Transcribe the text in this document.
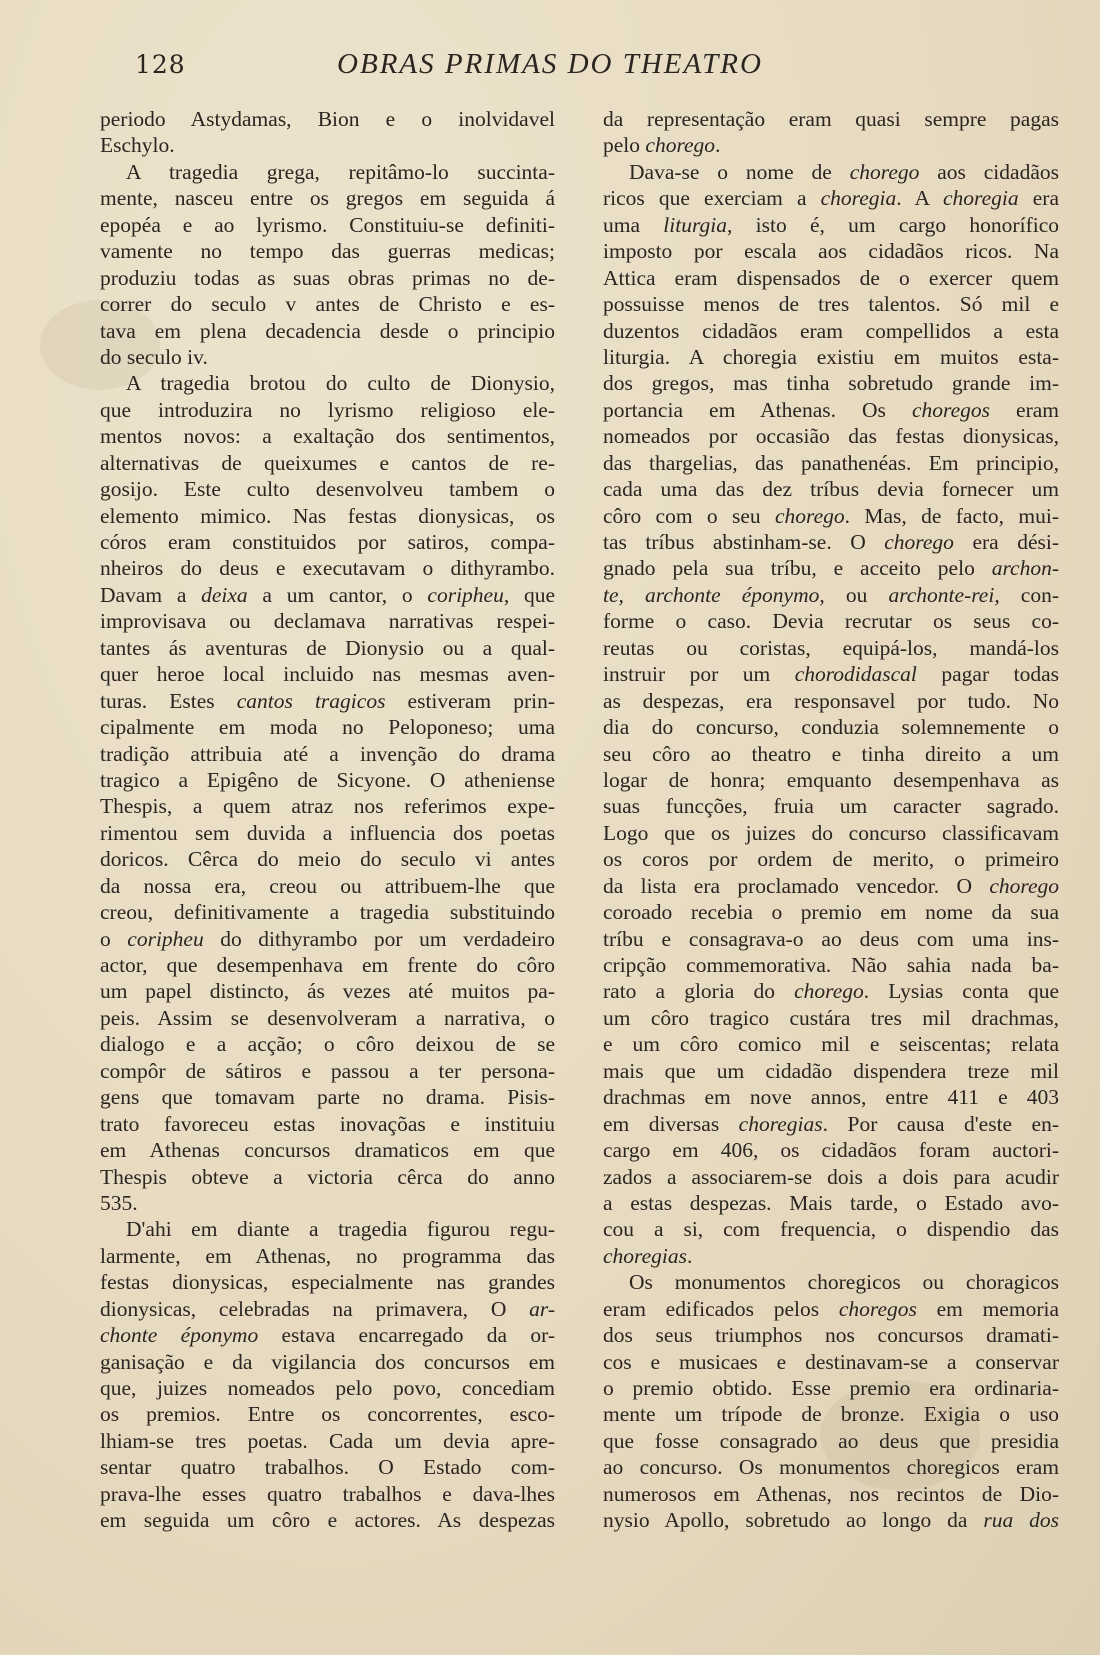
128	OBRAS PRIMAS DO THEATRO
periodo Astydamas, Bion e o inolvidavel
Eschylo.
A tragedia grega, repitâmo-lo succinta-
mente, nasceu entre os gregos em seguida á
epopéa e ao lyrismo. Constituiu-se definiti-
vamente no tempo das guerras medicas;
produziu todas as suas obras primas no de-
correr do seculo v antes de Christo e es-
tava em plena decadencia desde o principio
do seculo iv.
A tragedia brotou do culto de Dionysio,
que introduzira no lyrismo religioso ele-
mentos novos: a exaltação dos sentimentos,
alternativas de queixumes e cantos de re-
gosijo. Este culto desenvolveu tambem o
elemento mimico. Nas festas dionysicas, os
córos eram constituidos por satiros, compa-
nheiros do deus e executavam o dithyrambo.
Davam a deixa a um cantor, o coripheu, que
improvisava ou declamava narrativas respei-
tantes ás aventuras de Dionysio ou a qual-
quer heroe local incluido nas mesmas aven-
turas. Estes cantos tragicos estiveram prin-
cipalmente em moda no Peloponeso; uma
tradição attribuia até a invenção do drama
tragico a Epigêno de Sicyone. O atheniense
Thespis, a quem atraz nos referimos expe-
rimentou sem duvida a influencia dos poetas
doricos. Cêrca do meio do seculo vi antes
da nossa era, creou ou attribuem-lhe que
creou, definitivamente a tragedia substituindo
o coripheu do dithyrambo por um verdadeiro
actor, que desempenhava em frente do côro
um papel distincto, ás vezes até muitos pa-
peis. Assim se desenvolveram a narrativa, o
dialogo e a acção; o côro deixou de se
compôr de sátiros e passou a ter persona-
gens que tomavam parte no drama. Pisis-
trato favoreceu estas inovaçõas e instituiu
em Athenas concursos dramaticos em que
Thespis obteve a victoria cêrca do anno
535.
D'ahi em diante a tragedia figurou regu-
larmente, em Athenas, no programma das
festas dionysicas, especialmente nas grandes
dionysicas, celebradas na primavera, O ar-
chonte éponymo estava encarregado da or-
ganisação e da vigilancia dos concursos em
que, juizes nomeados pelo povo, concediam
os premios. Entre os concorrentes, esco-
lhiam-se tres poetas. Cada um devia apre-
sentar quatro trabalhos. O Estado com-
prava-lhe esses quatro trabalhos e dava-lhes
em seguida um côro e actores. As despezas
da representação eram quasi sempre pagas
pelo chorego.
Dava-se o nome de chorego aos cidadãos
ricos que exerciam a choregia. A choregia era
uma liturgia, isto é, um cargo honorífico
imposto por escala aos cidadãos ricos. Na
Attica eram dispensados de o exercer quem
possuisse menos de tres talentos. Só mil e
duzentos cidadãos eram compellidos a esta
liturgia. A choregia existiu em muitos esta-
dos gregos, mas tinha sobretudo grande im-
portancia em Athenas. Os choregos eram
nomeados por occasião das festas dionysicas,
das thargelias, das panathenéas. Em principio,
cada uma das dez tríbus devia fornecer um
côro com o seu chorego. Mas, de facto, mui-
tas tríbus abstinham-se. O chorego era dési-
gnado pela sua tríbu, e acceito pelo archon-
te, archonte éponymo, ou archonte-rei, con-
forme o caso. Devia recrutar os seus co-
reutas ou coristas, equipá-los, mandá-los
instruir por um chorodidascal pagar todas
as despezas, era responsavel por tudo. No
dia do concurso, conduzia solemnemente o
seu côro ao theatro e tinha direito a um
logar de honra; emquanto desempenhava as
suas funcções, fruia um caracter sagrado.
Logo que os juizes do concurso classificavam
os coros por ordem de merito, o primeiro
da lista era proclamado vencedor. O chorego
coroado recebia o premio em nome da sua
tríbu e consagrava-o ao deus com uma ins-
cripção commemorativa. Não sahia nada ba-
rato a gloria do chorego. Lysias conta que
um côro tragico custára tres mil drachmas,
e um côro comico mil e seiscentas; relata
mais que um cidadão dispendera treze mil
drachmas em nove annos, entre 411 e 403
em diversas choregias. Por causa d'este en-
cargo em 406, os cidadãos foram auctori-
zados a associarem-se dois a dois para acudir
a estas despezas. Mais tarde, o Estado avo-
cou a si, com frequencia, o dispendio das
choregias.
Os monumentos choregicos ou choragicos
eram edificados pelos choregos em memoria
dos seus triumphos nos concursos dramati-
cos e musicaes e destinavam-se a conservar
o premio obtido. Esse premio era ordinaria-
mente um trípode de bronze. Exigia o uso
que fosse consagrado ao deus que presidia
ao concurso. Os monumentos choregicos eram
numerosos em Athenas, nos recintos de Dio-
nysio Apollo, sobretudo ao longo da rua dos
